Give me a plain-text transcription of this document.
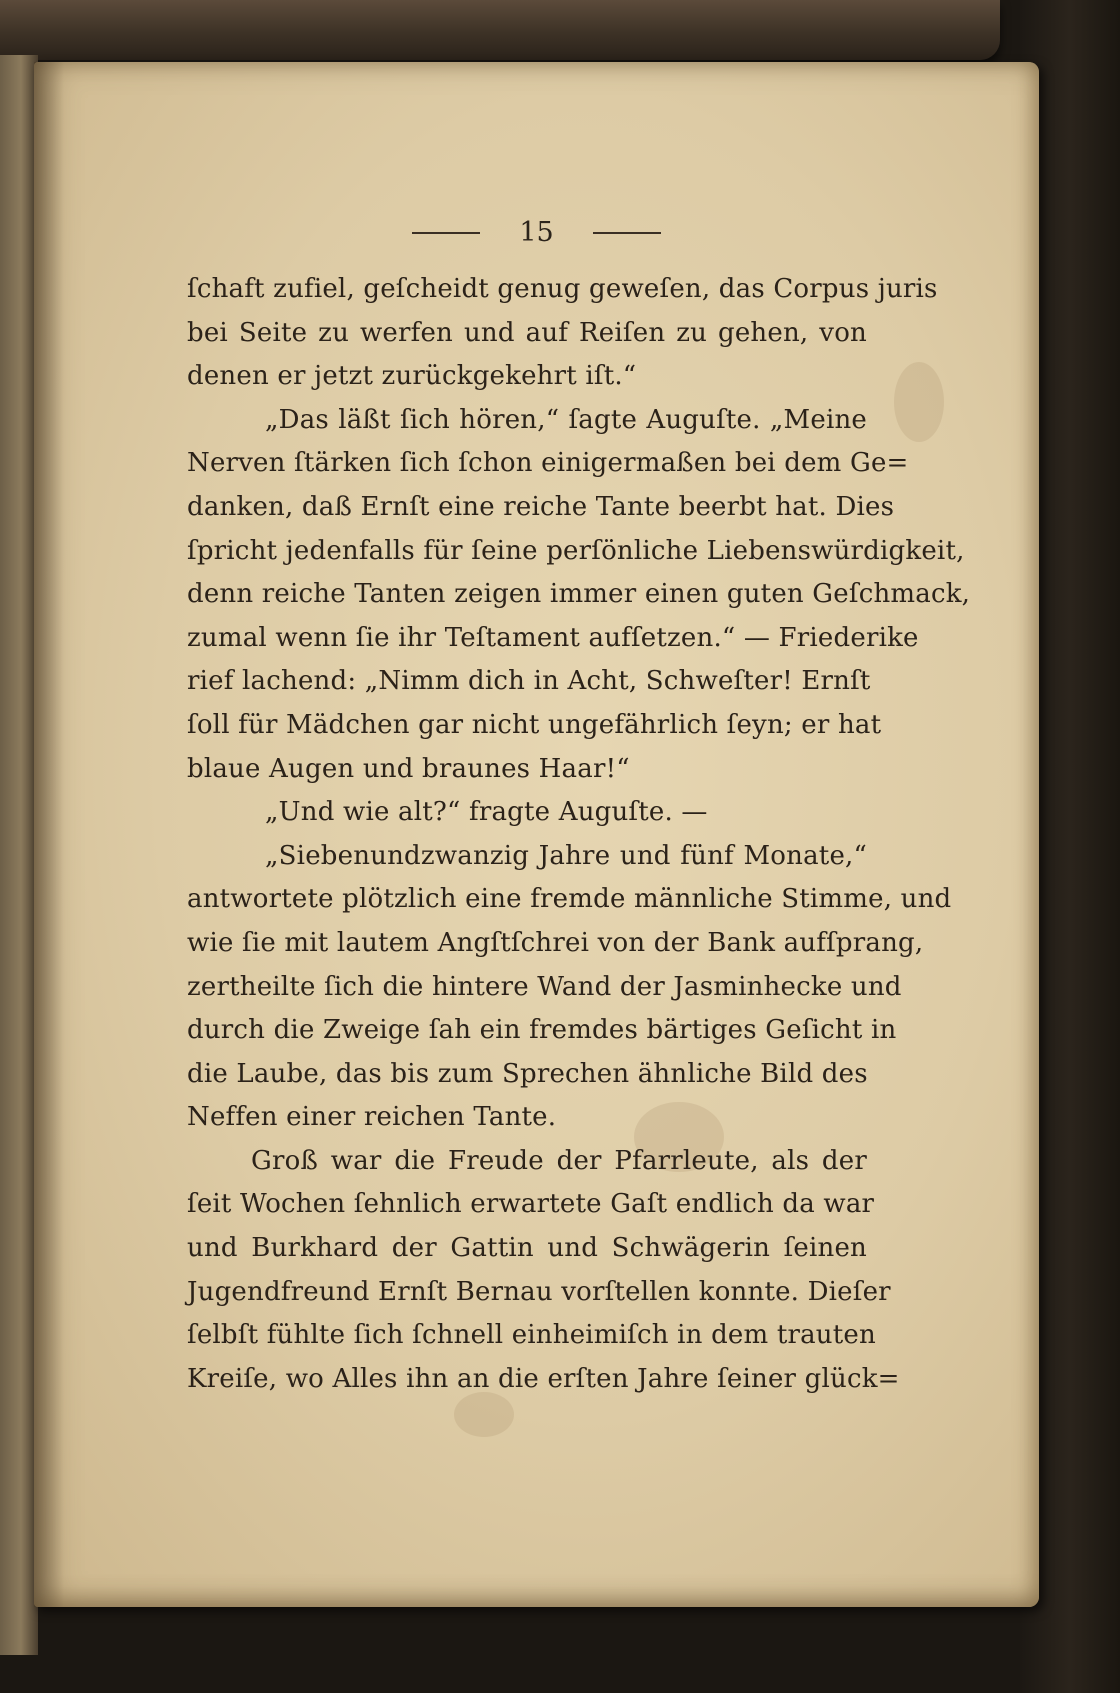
15
ſchaft zufiel, geſcheidt genug geweſen, das Corpus juris
bei Seite zu werfen und auf Reiſen zu gehen, von
denen er jetzt zurückgekehrt iſt.“
„Das läßt ſich hören,“ ſagte Auguſte. „Meine
Nerven ſtärken ſich ſchon einigermaßen bei dem Ge=
danken, daß Ernſt eine reiche Tante beerbt hat. Dies
ſpricht jedenfalls für ſeine perſönliche Liebenswürdigkeit,
denn reiche Tanten zeigen immer einen guten Geſchmack,
zumal wenn ſie ihr Teſtament aufſetzen.“ — Friederike
rief lachend: „Nimm dich in Acht, Schweſter! Ernſt
ſoll für Mädchen gar nicht ungefährlich ſeyn; er hat
blaue Augen und braunes Haar!“
„Und wie alt?“ fragte Auguſte. —
„Siebenundzwanzig Jahre und fünf Monate,“
antwortete plötzlich eine fremde männliche Stimme, und
wie ſie mit lautem Angſtſchrei von der Bank aufſprang,
zertheilte ſich die hintere Wand der Jasminhecke und
durch die Zweige ſah ein fremdes bärtiges Geſicht in
die Laube, das bis zum Sprechen ähnliche Bild des
Neffen einer reichen Tante.
Groß war die Freude der Pfarrleute, als der
ſeit Wochen ſehnlich erwartete Gaſt endlich da war
und Burkhard der Gattin und Schwägerin ſeinen
Jugendfreund Ernſt Bernau vorſtellen konnte. Dieſer
ſelbſt fühlte ſich ſchnell einheimiſch in dem trauten
Kreiſe, wo Alles ihn an die erſten Jahre ſeiner glück=
